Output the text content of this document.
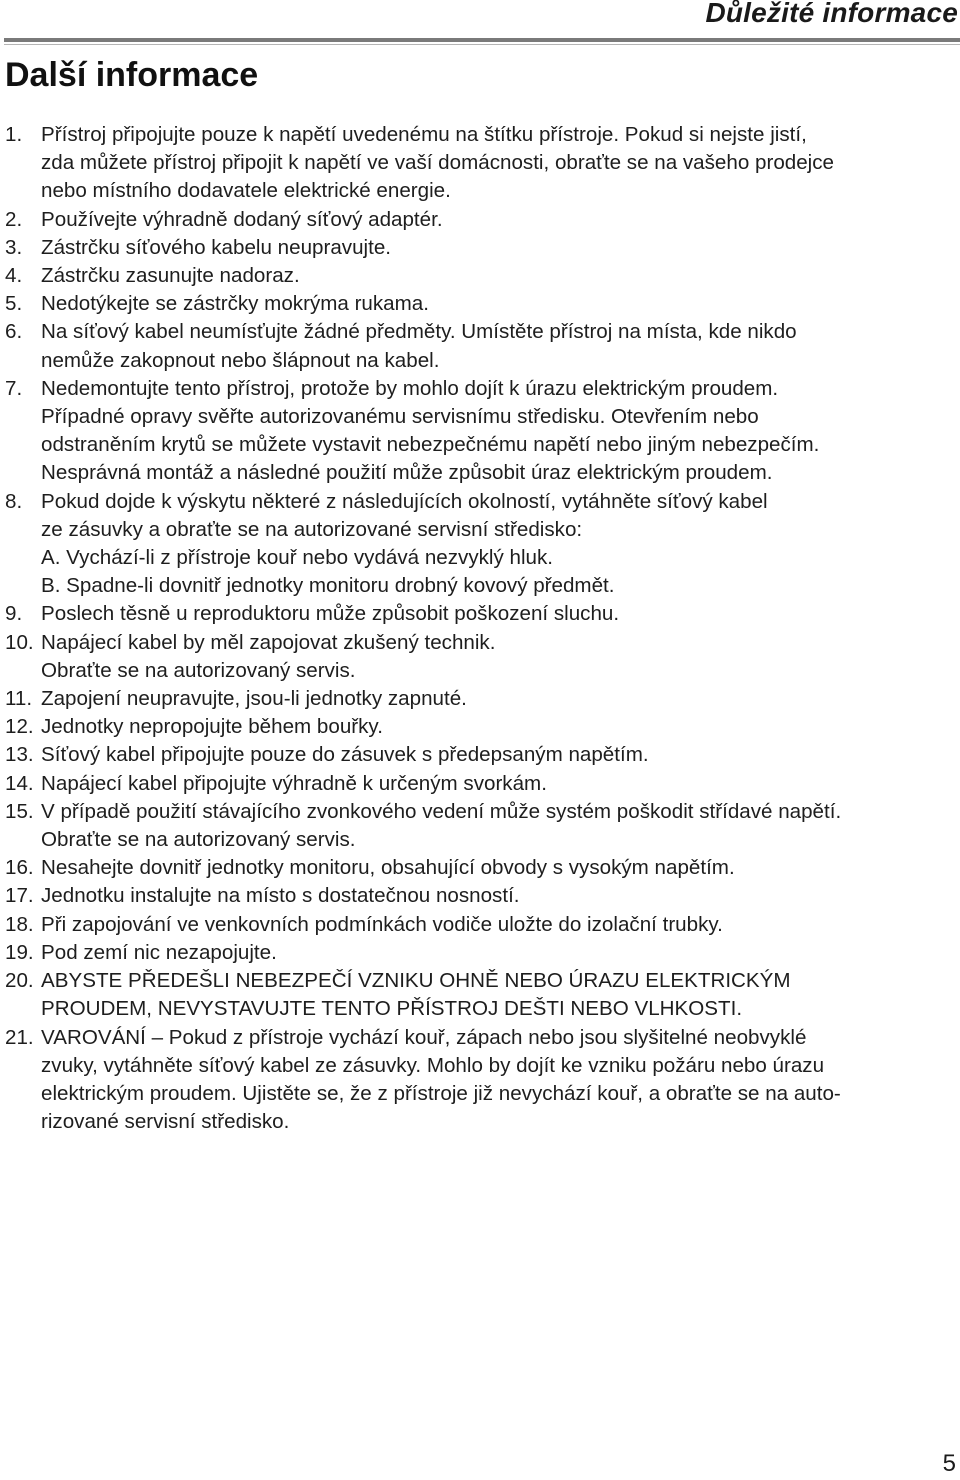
Důležité informace
Další informace
1. Přístroj připojujte pouze k napětí uvedenému na štítku přístroje. Pokud si nejste jistí,
zda můžete přístroj připojit k napětí ve vaší domácnosti, obraťte se na vašeho prodejce
nebo místního dodavatele elektrické energie.
2. Používejte výhradně dodaný síťový adaptér.
3. Zástrčku síťového kabelu neupravujte.
4. Zástrčku zasunujte nadoraz.
5. Nedotýkejte se zástrčky mokrýma rukama.
6. Na síťový kabel neumísťujte žádné předměty. Umístěte přístroj na místa, kde nikdo
nemůže zakopnout nebo šlápnout na kabel.
7. Nedemontujte tento přístroj, protože by mohlo dojít k úrazu elektrickým proudem.
Případné opravy svěřte autorizovanému servisnímu středisku. Otevřením nebo
odstraněním krytů se můžete vystavit nebezpečnému napětí nebo jiným nebezpečím.
Nesprávná montáž a následné použití může způsobit úraz elektrickým proudem.
8. Pokud dojde k výskytu některé z následujících okolností, vytáhněte síťový kabel
ze zásuvky a obraťte se na autorizované servisní středisko:
A. Vychází-li z přístroje kouř nebo vydává nezvyklý hluk.
B. Spadne-li dovnitř jednotky monitoru drobný kovový předmět.
9. Poslech těsně u reproduktoru může způsobit poškození sluchu.
10. Napájecí kabel by měl zapojovat zkušený technik.
Obraťte se na autorizovaný servis.
11. Zapojení neupravujte, jsou-li jednotky zapnuté.
12. Jednotky nepropojujte během bouřky.
13. Síťový kabel připojujte pouze do zásuvek s předepsaným napětím.
14. Napájecí kabel připojujte výhradně k určeným svorkám.
15. V případě použití stávajícího zvonkového vedení může systém poškodit střídavé napětí.
Obraťte se na autorizovaný servis.
16. Nesahejte dovnitř jednotky monitoru, obsahující obvody s vysokým napětím.
17. Jednotku instalujte na místo s dostatečnou nosností.
18. Při zapojování ve venkovních podmínkách vodiče uložte do izolační trubky.
19. Pod zemí nic nezapojujte.
20. ABYSTE PŘEDEŠLI NEBEZPEČÍ VZNIKU OHNĚ NEBO ÚRAZU ELEKTRICKÝM
PROUDEM, NEVYSTAVUJTE TENTO PŘÍSTROJ DEŠTI NEBO VLHKOSTI.
21. VAROVÁNÍ – Pokud z přístroje vychází kouř, zápach nebo jsou slyšitelné neobvyklé
zvuky, vytáhněte síťový kabel ze zásuvky. Mohlo by dojít ke vzniku požáru nebo úrazu
elektrickým proudem. Ujistěte se, že z přístroje již nevychází kouř, a obraťte se na auto-
rizované servisní středisko.
5
